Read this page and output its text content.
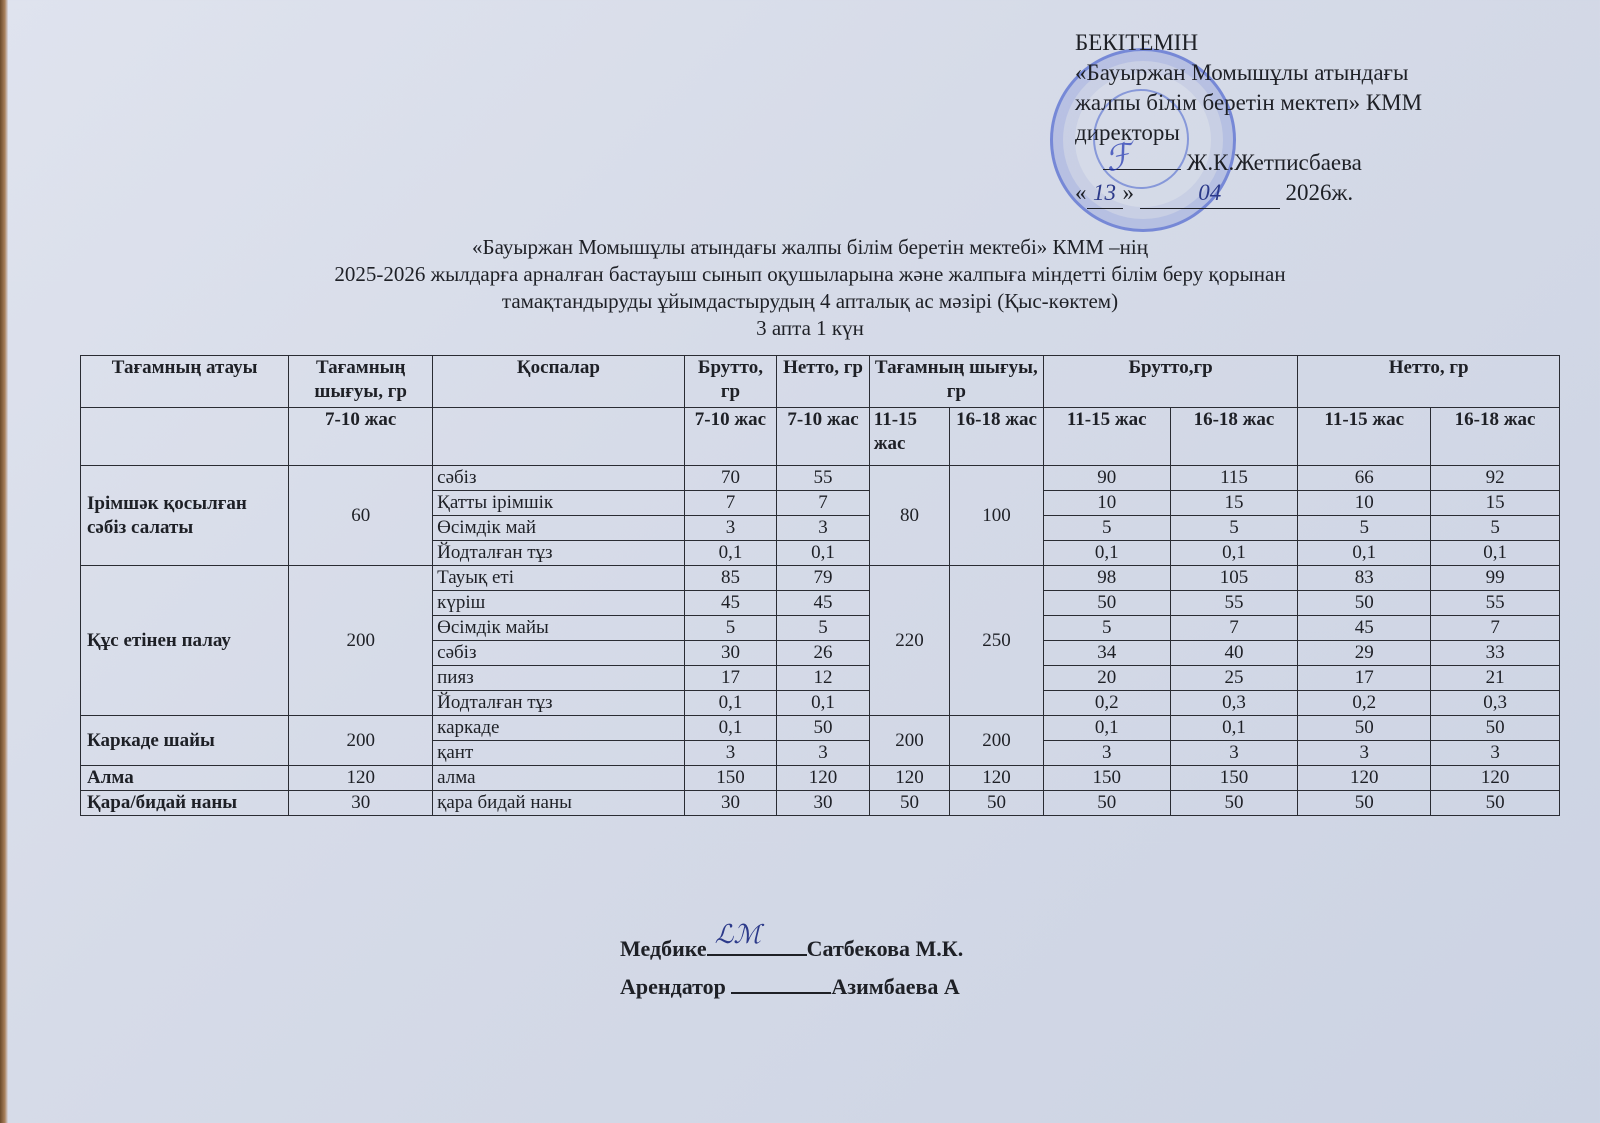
БЕКІТЕМІН
«Бауыржан Момышұлы атындағы
жалпы білім беретін мектеп» КММ
директоры
Ж.К.Жетписбаева
« 13 »	04	2026ж.
ℱ
«Бауыржан Момышұлы атындағы жалпы білім беретін мектебі» КММ –нің
2025-2026 жылдарға арналған бастауыш сынып оқушыларына және жалпыға міндетті білім беру қорынан
тамақтандыруды ұйымдастырудың 4 апталық ас мәзірі (Қыс-көктем)
3 апта 1 күн
Тағамның атауы	Тағамның шығуы, гр	Қоспалар	Брутто, гр	Нетто, гр	Тағамның шығуы, гр		Брутто,гр		Нетто, гр	
	7-10 жас		7-10 жас	7-10 жас	11-15 жас	16-18 жас	11-15 жас	16-18 жас	11-15 жас	16-18 жас
Ірімшәк қосылған сәбіз салаты	60	сәбіз	70	55	80	100	90	115	66	92
		Қатты ірімшік	7	7			10	15	10	15
		Өсімдік май	3	3			5	5	5	5
		Йодталған тұз	0,1	0,1			0,1	0,1	0,1	0,1
Құс етінен палау	200	Тауық еті	85	79	220	250	98	105	83	99
		күріш	45	45			50	55	50	55
		Өсімдік майы	5	5			5	7	45	7
		сәбіз	30	26			34	40	29	33
		пияз	17	12			20	25	17	21
		Йодталған тұз	0,1	0,1			0,2	0,3	0,2	0,3
Каркаде шайы	200	каркаде	0,1	50	200	200	0,1	0,1	50	50
		қант	3	3			3	3	3	3
Алма	120	алма	150	120	120	120	150	150	120	120
Қара/бидай наны	30	қара бидай наны	30	30	50	50	50	50	50	50
Медбике ℒℳ Сатбекова М.К.
Арендатор	Азимбаева А
